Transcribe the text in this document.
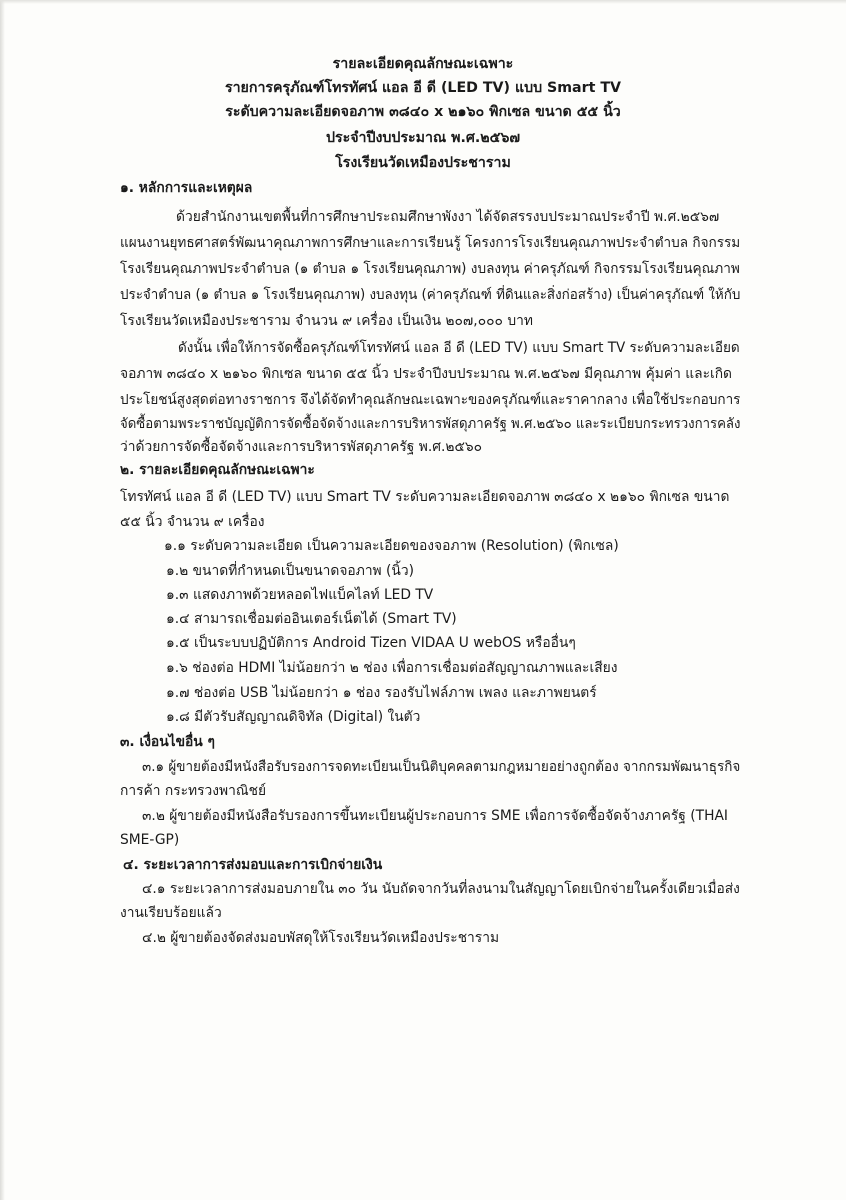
รายละเอียดคุณลักษณะเฉพาะ
รายการครุภัณฑ์โทรทัศน์ แอล อี ดี (LED TV) แบบ Smart TV
ระดับความละเอียดจอภาพ ๓๘๔๐ x ๒๑๖๐ พิกเซล ขนาด ๕๕ นิ้ว
ประจำปีงบประมาณ พ.ศ.๒๕๖๗
โรงเรียนวัดเหมืองประชาราม
๑. หลักการและเหตุผล
ด้วยสำนักงานเขตพื้นที่การศึกษาประถมศึกษาพังงา ได้จัดสรรงบประมาณประจำปี พ.ศ.๒๕๖๗
แผนงานยุทธศาสตร์พัฒนาคุณภาพการศึกษาและการเรียนรู้ โครงการโรงเรียนคุณภาพประจำตำบล กิจกรรม
โรงเรียนคุณภาพประจำตำบล (๑ ตำบล ๑ โรงเรียนคุณภาพ) งบลงทุน ค่าครุภัณฑ์ กิจกรรมโรงเรียนคุณภาพ
ประจำตำบล (๑ ตำบล ๑ โรงเรียนคุณภาพ) งบลงทุน (ค่าครุภัณฑ์ ที่ดินและสิ่งก่อสร้าง) เป็นค่าครุภัณฑ์ ให้กับ
โรงเรียนวัดเหมืองประชาราม จำนวน ๙ เครื่อง เป็นเงิน ๒๐๗,๐๐๐ บาท
ดังนั้น เพื่อให้การจัดซื้อครุภัณฑ์โทรทัศน์ แอล อี ดี (LED TV) แบบ Smart TV ระดับความละเอียด
จอภาพ ๓๘๔๐ x ๒๑๖๐ พิกเซล ขนาด ๕๕ นิ้ว ประจำปีงบประมาณ พ.ศ.๒๕๖๗ มีคุณภาพ คุ้มค่า และเกิด
ประโยชน์สูงสุดต่อทางราชการ จึงได้จัดทำคุณลักษณะเฉพาะของครุภัณฑ์และราคากลาง เพื่อใช้ประกอบการ
จัดซื้อตามพระราชบัญญัติการจัดซื้อจัดจ้างและการบริหารพัสดุภาครัฐ พ.ศ.๒๕๖๐ และระเบียบกระทรวงการคลัง
ว่าด้วยการจัดซื้อจัดจ้างและการบริหารพัสดุภาครัฐ พ.ศ.๒๕๖๐
๒. รายละเอียดคุณลักษณะเฉพาะ
โทรทัศน์ แอล อี ดี (LED TV) แบบ Smart TV ระดับความละเอียดจอภาพ ๓๘๔๐ x ๒๑๖๐ พิกเซล ขนาด
๕๕ นิ้ว จำนวน ๙ เครื่อง
๑.๑ ระดับความละเอียด เป็นความละเอียดของจอภาพ (Resolution) (พิกเซล)
๑.๒ ขนาดที่กำหนดเป็นขนาดจอภาพ (นิ้ว)
๑.๓ แสดงภาพด้วยหลอดไฟแบ็คไลท์ LED TV
๑.๔ สามารถเชื่อมต่ออินเตอร์เน็ตได้ (Smart TV)
๑.๕ เป็นระบบปฏิบัติการ Android Tizen VIDAA U webOS หรืออื่นๆ
๑.๖ ช่องต่อ HDMI ไม่น้อยกว่า ๒ ช่อง เพื่อการเชื่อมต่อสัญญาณภาพและเสียง
๑.๗ ช่องต่อ USB ไม่น้อยกว่า ๑ ช่อง รองรับไฟล์ภาพ เพลง และภาพยนตร์
๑.๘ มีตัวรับสัญญาณดิจิทัล (Digital) ในตัว
๓. เงื่อนไขอื่น ๆ
๓.๑ ผู้ขายต้องมีหนังสือรับรองการจดทะเบียนเป็นนิติบุคคลตามกฎหมายอย่างถูกต้อง จากกรมพัฒนาธุรกิจ
การค้า กระทรวงพาณิชย์
๓.๒ ผู้ขายต้องมีหนังสือรับรองการขึ้นทะเบียนผู้ประกอบการ SME เพื่อการจัดซื้อจัดจ้างภาครัฐ (THAI
SME-GP)
๔. ระยะเวลาการส่งมอบและการเบิกจ่ายเงิน
๔.๑ ระยะเวลาการส่งมอบภายใน ๓๐ วัน นับถัดจากวันที่ลงนามในสัญญาโดยเบิกจ่ายในครั้งเดียวเมื่อส่ง
งานเรียบร้อยแล้ว
๔.๒ ผู้ขายต้องจัดส่งมอบพัสดุให้โรงเรียนวัดเหมืองประชาราม
